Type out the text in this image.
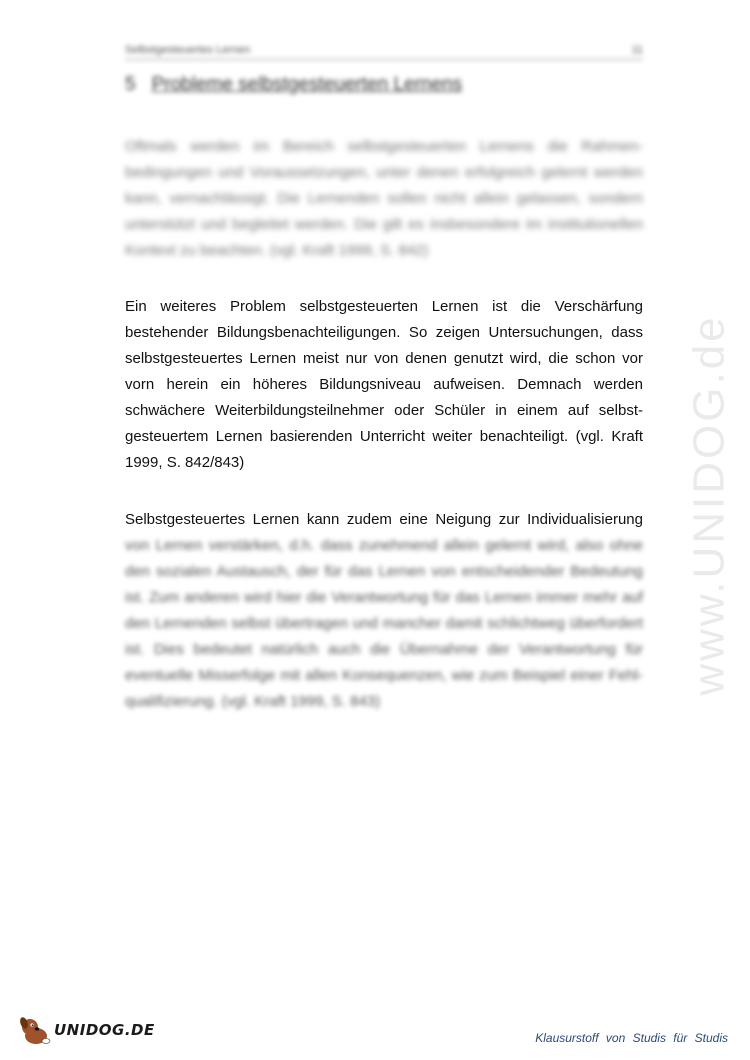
Selbstgesteuertes Lernen	11
5 Probleme selbstgesteuerten Lernens

Oftmals werden im Bereich selbstgesteuerten Lernens die Rahmen-
bedingungen und Voraussetzungen, unter denen erfolgreich gelernt werden
kann, vernachlässigt. Die Lernenden sollen nicht allein gelassen, sondern
unterstützt und begleitet werden. Die gilt es insbesondere im institutionellen
Kontext zu beachten. (vgl. Kraft 1999, S. 842)

Ein weiteres Problem selbstgesteuerten Lernen ist die Verschärfung
bestehender Bildungsbenachteiligungen. So zeigen Untersuchungen, dass
selbstgesteuertes Lernen meist nur von denen genutzt wird, die schon vor
vorn herein ein höheres Bildungsniveau aufweisen. Demnach werden
schwächere Weiterbildungsteilnehmer oder Schüler in einem auf selbst-
gesteuertem Lernen basierenden Unterricht weiter benachteiligt. (vgl. Kraft
1999, S. 842/843)

Selbstgesteuertes Lernen kann zudem eine Neigung zur Individualisierung
von Lernen verstärken, d.h. dass zunehmend allein gelernt wird, also ohne
den sozialen Austausch, der für das Lernen von entscheidender Bedeutung
ist. Zum anderen wird hier die Verantwortung für das Lernen immer mehr auf
den Lernenden selbst übertragen und mancher damit schlichtweg überfordert
ist. Dies bedeutet natürlich auch die Übernahme der Verantwortung für
eventuelle Misserfolge mit allen Konsequenzen, wie zum Beispiel einer Fehl-
qualifizierung. (vgl. Kraft 1999, S. 843)

www.UNIDOG.de
UNIDOG.DE	Klausurstoff von Studis für Studis
